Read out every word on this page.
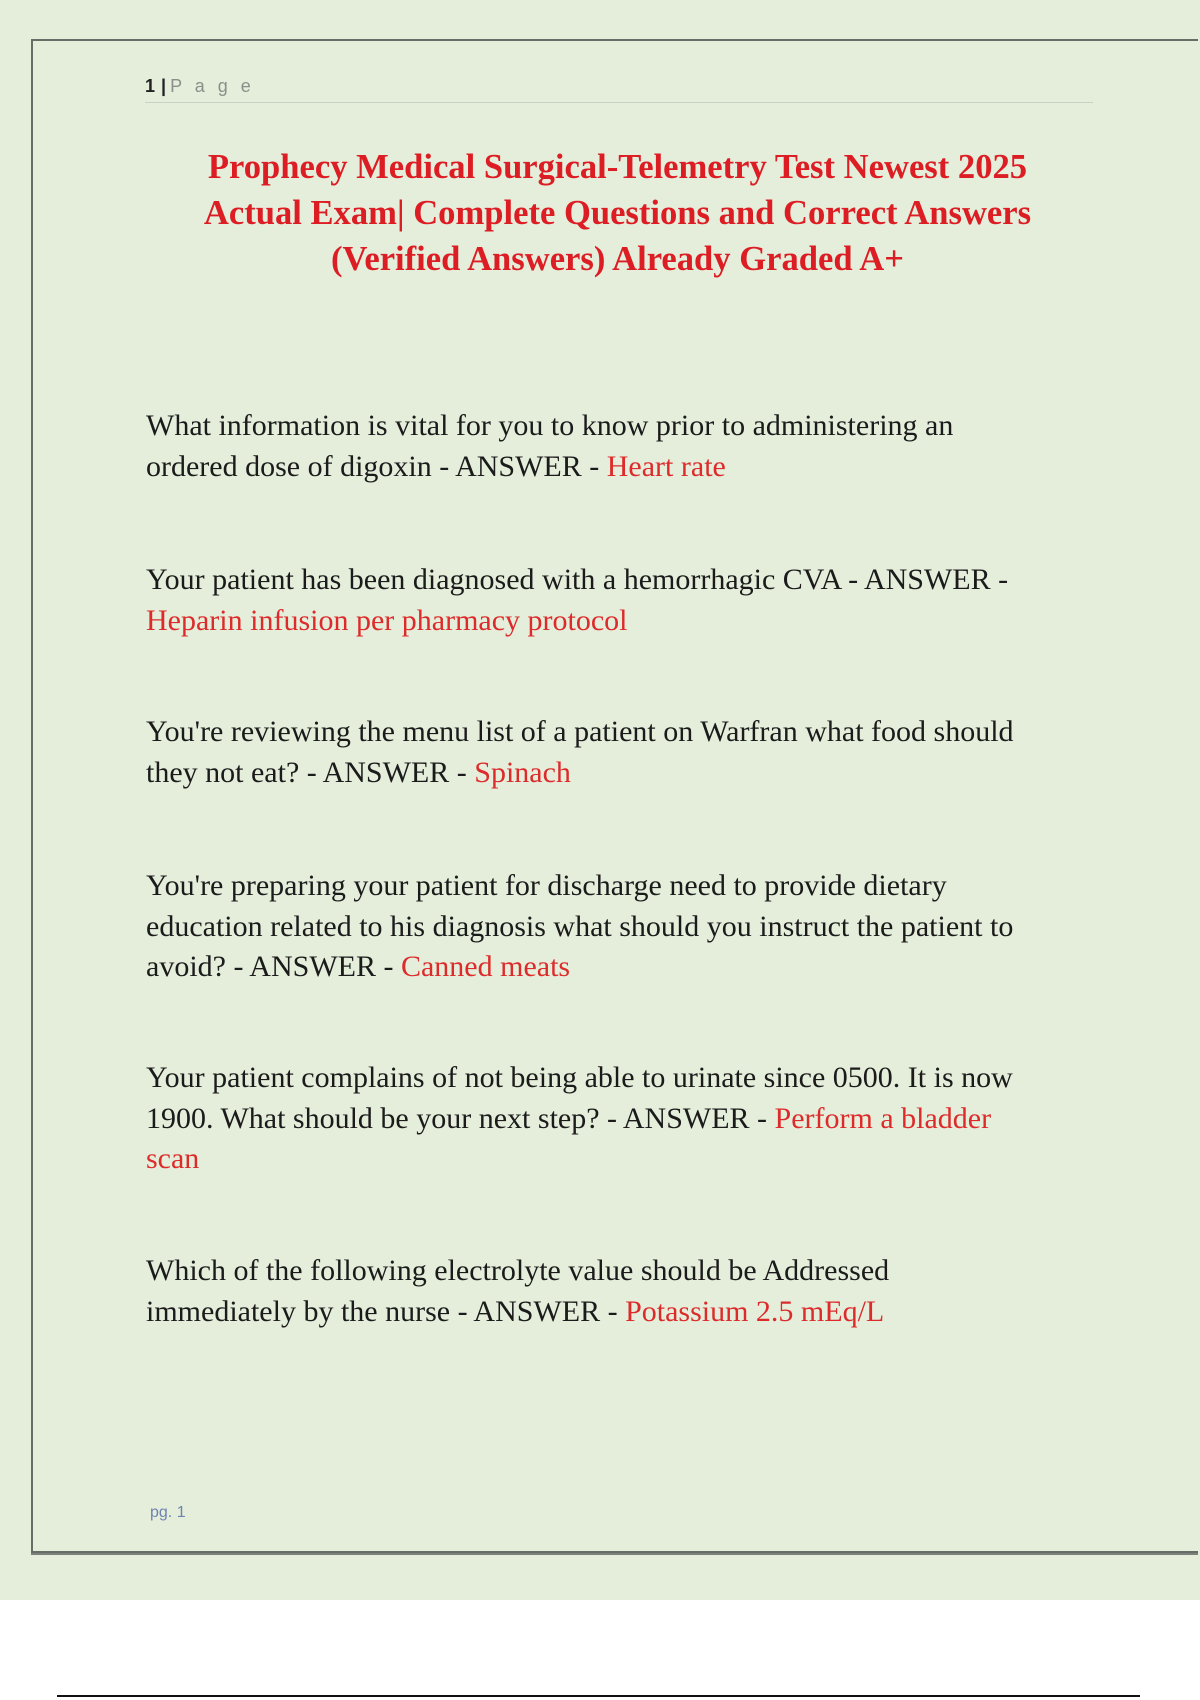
1 | P a g e
Prophecy Medical Surgical-Telemetry Test Newest 2025
Actual Exam| Complete Questions and Correct Answers
(Verified Answers) Already Graded A+

What information is vital for you to know prior to administering an
ordered dose of digoxin - ANSWER - Heart rate

Your patient has been diagnosed with a hemorrhagic CVA - ANSWER -
Heparin infusion per pharmacy protocol

You're reviewing the menu list of a patient on Warfran what food should
they not eat? - ANSWER - Spinach

You're preparing your patient for discharge need to provide dietary
education related to his diagnosis what should you instruct the patient to
avoid? - ANSWER - Canned meats

Your patient complains of not being able to urinate since 0500. It is now
1900. What should be your next step? - ANSWER - Perform a bladder
scan

Which of the following electrolyte value should be Addressed
immediately by the nurse - ANSWER - Potassium 2.5 mEq/L

pg. 1
